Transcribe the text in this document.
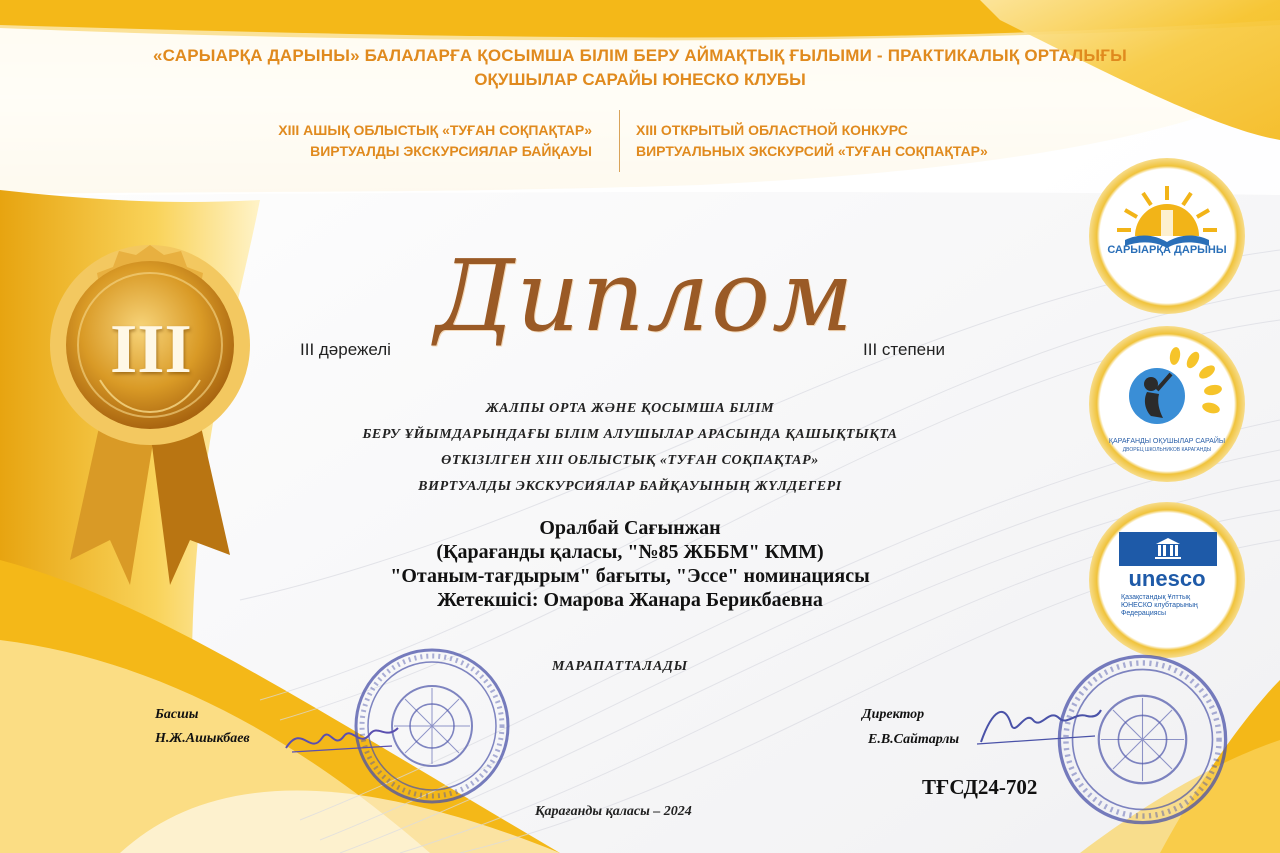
«САРЫАРҚА ДАРЫНЫ» БАЛАЛАРҒА ҚОСЫМША БІЛІМ БЕРУ АЙМАҚТЫҚ ҒЫЛЫМИ - ПРАКТИКАЛЫҚ ОРТАЛЫҒЫ
ОҚУШЫЛАР САРАЙЫ ЮНЕСКО КЛУБЫ
XIII АШЫҚ ОБЛЫСТЫҚ «ТУҒАН СОҚПАҚТАР»
ВИРТУАЛДЫ ЭКСКУРСИЯЛАР БАЙҚАУЫ
XIII ОТКРЫТЫЙ ОБЛАСТНОЙ КОНКУРС
ВИРТУАЛЬНЫХ ЭКСКУРСИЙ «ТУҒАН СОҚПАҚТАР»
III	III дәрежелі Диплом III степени
ЖАЛПЫ ОРТА ЖӘНЕ ҚОСЫМША БІЛІМ
БЕРУ ҰЙЫМДАРЫНДАҒЫ БІЛІМ АЛУШЫЛАР АРАСЫНДА ҚАШЫҚТЫҚТА
ӨТКІЗІЛГЕН XIII ОБЛЫСТЫҚ «ТУҒАН СОҚПАҚТАР»
ВИРТУАЛДЫ ЭКСКУРСИЯЛАР БАЙҚАУЫНЫҢ ЖҮЛДЕГЕРІ
Оралбай Сағынжан
(Қарағанды қаласы, "№85 ЖББМ" КММ)
"Отаным-тағдырым" бағыты, "Эссе" номинациясы
Жетекшісі: Омарова Жанара Берикбаевна
Басшы
Н.Ж.Ашыкбаев
Директор
Е.В.Сайтарлы
МАРАПАТТАЛАДЫ
ТҒСД24-702
Қарағанды қаласы – 2024
САРЫАРҚА ДАРЫНЫ
ҚАРАҒАНДЫ ОҚУШЫЛАР САРАЙЫ
ДВОРЕЦ ШКОЛЬНИКОВ КАРАГАНДЫ
unesco
Қазақстандық Ұлттық
ЮНЕСКО клубтарының
Федерациясы
